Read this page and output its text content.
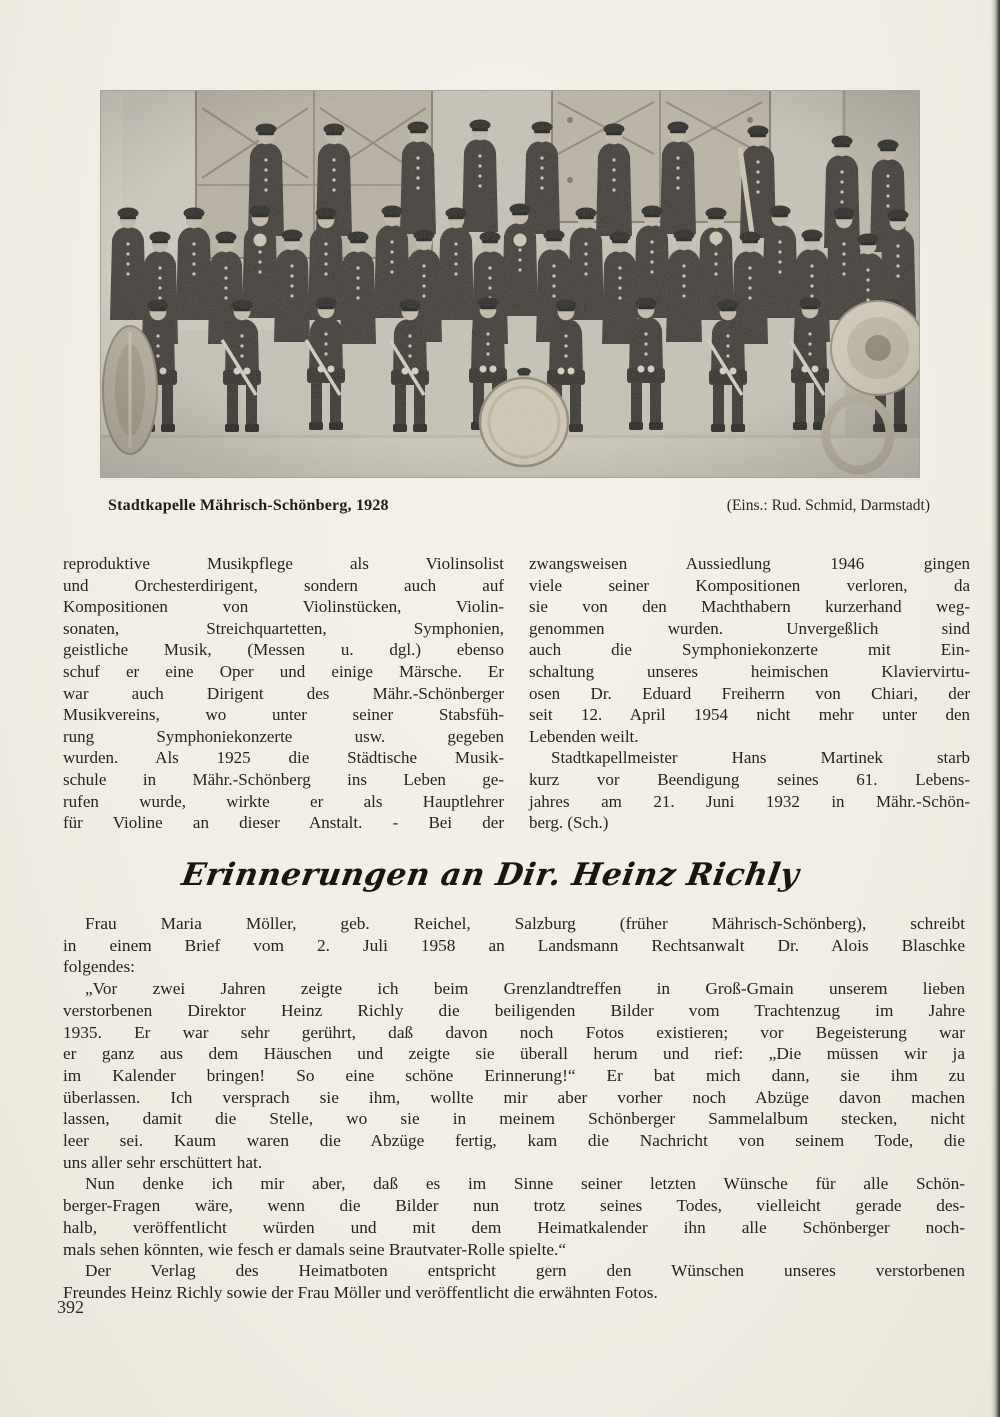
Stadtkapelle Mährisch-Schönberg, 1928	(Eins.: Rud. Schmid, Darmstadt)
reproduktive Musikpflege als Violinsolist
und Orchesterdirigent, sondern auch auf
Kompositionen von Violinstücken, Violin-
sonaten, Streichquartetten, Symphonien,
geistliche Musik, (Messen u. dgl.) ebenso
schuf er eine Oper und einige Märsche. Er
war auch Dirigent des Mähr.-Schönberger
Musikvereins, wo unter seiner Stabsfüh-
rung Symphoniekonzerte usw. gegeben
wurden. Als 1925 die Städtische Musik-
schule in Mähr.-Schönberg ins Leben ge-
rufen wurde, wirkte er als Hauptlehrer
für Violine an dieser Anstalt. - Bei der
zwangsweisen Aussiedlung 1946 gingen
viele seiner Kompositionen verloren, da
sie von den Machthabern kurzerhand weg-
genommen wurden. Unvergeßlich sind
auch die Symphoniekonzerte mit Ein-
schaltung unseres heimischen Klaviervirtu-
osen Dr. Eduard Freiherrn von Chiari, der
seit 12. April 1954 nicht mehr unter den
Lebenden weilt.
Stadtkapellmeister Hans Martinek starb
kurz vor Beendigung seines 61. Lebens-
jahres am 21. Juni 1932 in Mähr.-Schön-
berg. (Sch.)
Erinnerungen an Dir. Heinz Richly
Frau Maria Möller, geb. Reichel, Salzburg (früher Mährisch-Schönberg), schreibt
in einem Brief vom 2. Juli 1958 an Landsmann Rechtsanwalt Dr. Alois Blaschke
folgendes:
„Vor zwei Jahren zeigte ich beim Grenzlandtreffen in Groß-Gmain unserem lieben
verstorbenen Direktor Heinz Richly die beiligenden Bilder vom Trachtenzug im Jahre
1935. Er war sehr gerührt, daß davon noch Fotos existieren; vor Begeisterung war
er ganz aus dem Häuschen und zeigte sie überall herum und rief: „Die müssen wir ja
im Kalender bringen! So eine schöne Erinnerung!“ Er bat mich dann, sie ihm zu
überlassen. Ich versprach sie ihm, wollte mir aber vorher noch Abzüge davon machen
lassen, damit die Stelle, wo sie in meinem Schönberger Sammelalbum stecken, nicht
leer sei. Kaum waren die Abzüge fertig, kam die Nachricht von seinem Tode, die
uns aller sehr erschüttert hat.
Nun denke ich mir aber, daß es im Sinne seiner letzten Wünsche für alle Schön-
berger-Fragen wäre, wenn die Bilder nun trotz seines Todes, vielleicht gerade des-
halb, veröffentlicht würden und mit dem Heimatkalender ihn alle Schönberger noch-
mals sehen könnten, wie fesch er damals seine Brautvater-Rolle spielte.“
Der Verlag des Heimatboten entspricht gern den Wünschen unseres verstorbenen
Freundes Heinz Richly sowie der Frau Möller und veröffentlicht die erwähnten Fotos.
392
